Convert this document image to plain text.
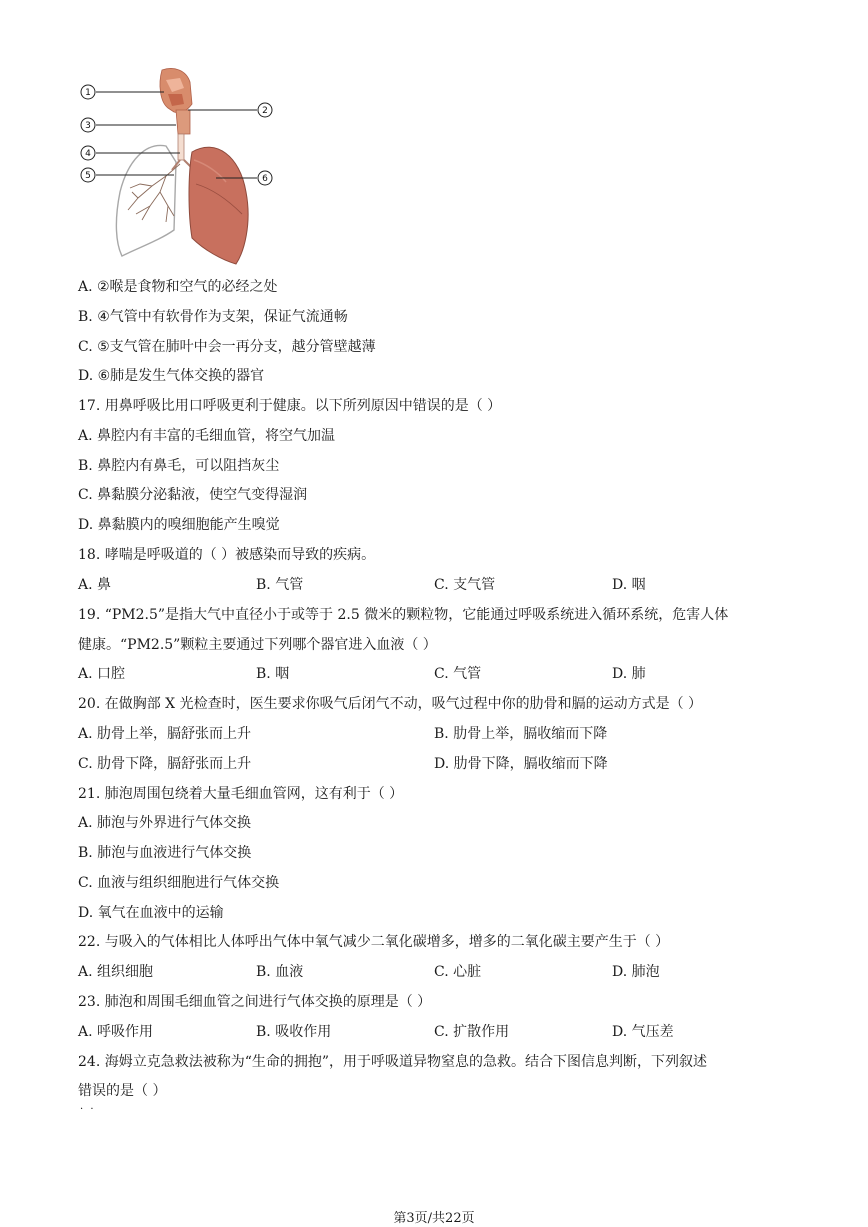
1
2
3
4
5	6
A. ②喉是食物和空气的必经之处
B. ④气管中有软骨作为支架，保证气流通畅
C. ⑤支气管在肺叶中会一再分支，越分管壁越薄
D. ⑥肺是发生气体交换的器官
17. 用鼻呼吸比用口呼吸更利于健康。以下所列原因中错误的是（ ）
A. 鼻腔内有丰富的毛细血管，将空气加温
B. 鼻腔内有鼻毛，可以阻挡灰尘
C. 鼻黏膜分泌黏液，使空气变得湿润
D. 鼻黏膜内的嗅细胞能产生嗅觉
18. 哮喘是呼吸道的（ ）被感染而导致的疾病。
A. 鼻	B. 气管	C. 支气管	D. 咽
19. “PM2.5”是指大气中直径小于或等于 2.5 微米的颗粒物，它能通过呼吸系统进入循环系统，危害人体
健康。“PM2.5”颗粒主要通过下列哪个器官进入血液（ ）
A. 口腔	B. 咽	C. 气管	D. 肺
20. 在做胸部 X 光检查时，医生要求你吸气后闭气不动，吸气过程中你的肋骨和膈的运动方式是（ ）
A. 肋骨上举，膈舒张而上升	B. 肋骨上举，膈收缩而下降
C. 肋骨下降，膈舒张而上升	D. 肋骨下降，膈收缩而下降
21. 肺泡周围包绕着大量毛细血管网，这有利于（ ）
A. 肺泡与外界进行气体交换
B. 肺泡与血液进行气体交换
C. 血液与组织细胞进行气体交换
D. 氧气在血液中的运输
22. 与吸入的气体相比人体呼出气体中氧气减少二氧化碳增多，增多的二氧化碳主要产生于（ ）
A. 组织细胞	B. 血液	C. 心脏	D. 肺泡
23. 肺泡和周围毛细血管之间进行气体交换的原理是（ ）
A. 呼吸作用	B. 吸收作用	C. 扩散作用	D. 气压差
24. 海姆立克急救法被称为“生命的拥抱”，用于呼吸道异物窒息的急救。结合下图信息判断，下列叙述
错误的是（ ）
· ·
第3页/共22页
